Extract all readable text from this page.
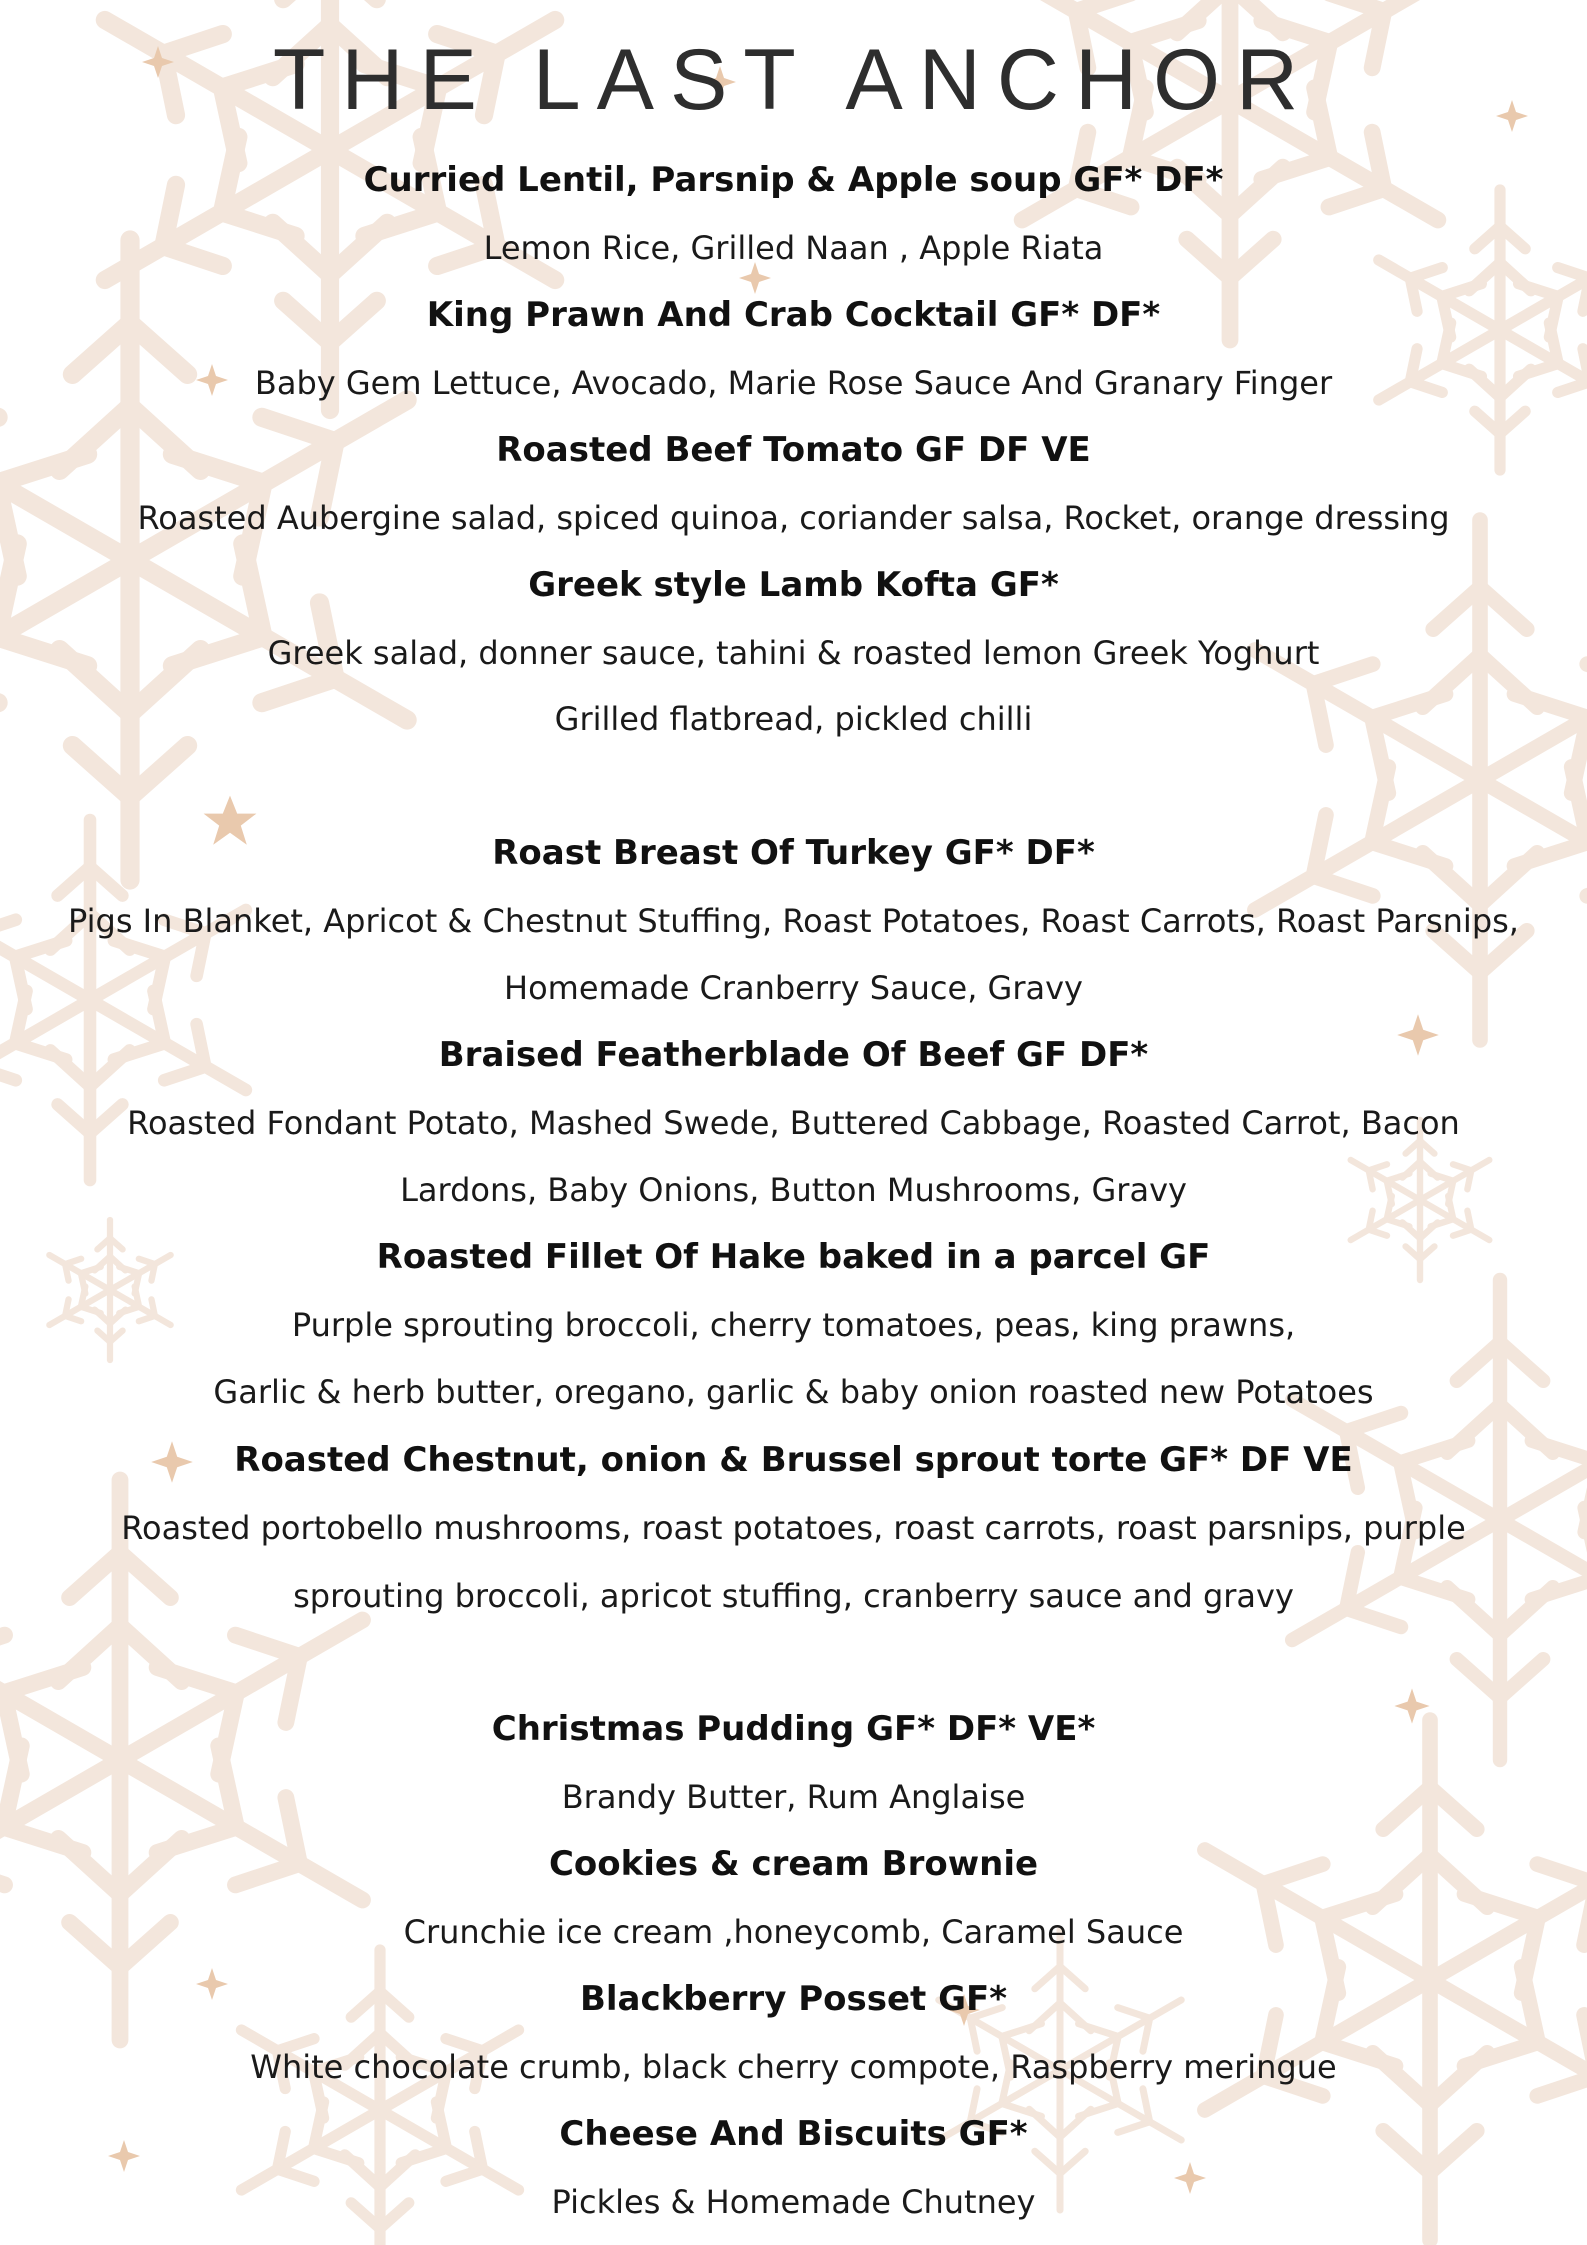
THE LAST ANCHOR

Curried Lentil, Parsnip & Apple soup GF* DF*

Lemon Rice, Grilled Naan , Apple Riata

King Prawn And Crab Cocktail GF* DF*

Baby Gem Lettuce, Avocado, Marie Rose Sauce And Granary Finger

Roasted Beef Tomato GF DF VE

Roasted Aubergine salad, spiced quinoa, coriander salsa, Rocket, orange dressing

Greek style Lamb Kofta GF*

Greek salad, donner sauce, tahini & roasted lemon Greek Yoghurt

Grilled flatbread, pickled chilli

Roast Breast Of Turkey GF* DF*

Pigs In Blanket, Apricot & Chestnut Stuffing, Roast Potatoes, Roast Carrots, Roast Parsnips,

Homemade Cranberry Sauce, Gravy

Braised Featherblade Of Beef GF DF*

Roasted Fondant Potato, Mashed Swede, Buttered Cabbage, Roasted Carrot, Bacon

Lardons, Baby Onions, Button Mushrooms, Gravy

Roasted Fillet Of Hake baked in a parcel GF

Purple sprouting broccoli, cherry tomatoes, peas, king prawns,

Garlic & herb butter, oregano, garlic & baby onion roasted new Potatoes

Roasted Chestnut, onion & Brussel sprout torte GF* DF VE

Roasted portobello mushrooms, roast potatoes, roast carrots, roast parsnips, purple

sprouting broccoli, apricot stuffing, cranberry sauce and gravy

Christmas Pudding GF* DF* VE*

Brandy Butter, Rum Anglaise

Cookies & cream Brownie

Crunchie ice cream ,honeycomb, Caramel Sauce

Blackberry Posset GF*

White chocolate crumb, black cherry compote, Raspberry meringue

Cheese And Biscuits GF*

Pickles & Homemade Chutney
